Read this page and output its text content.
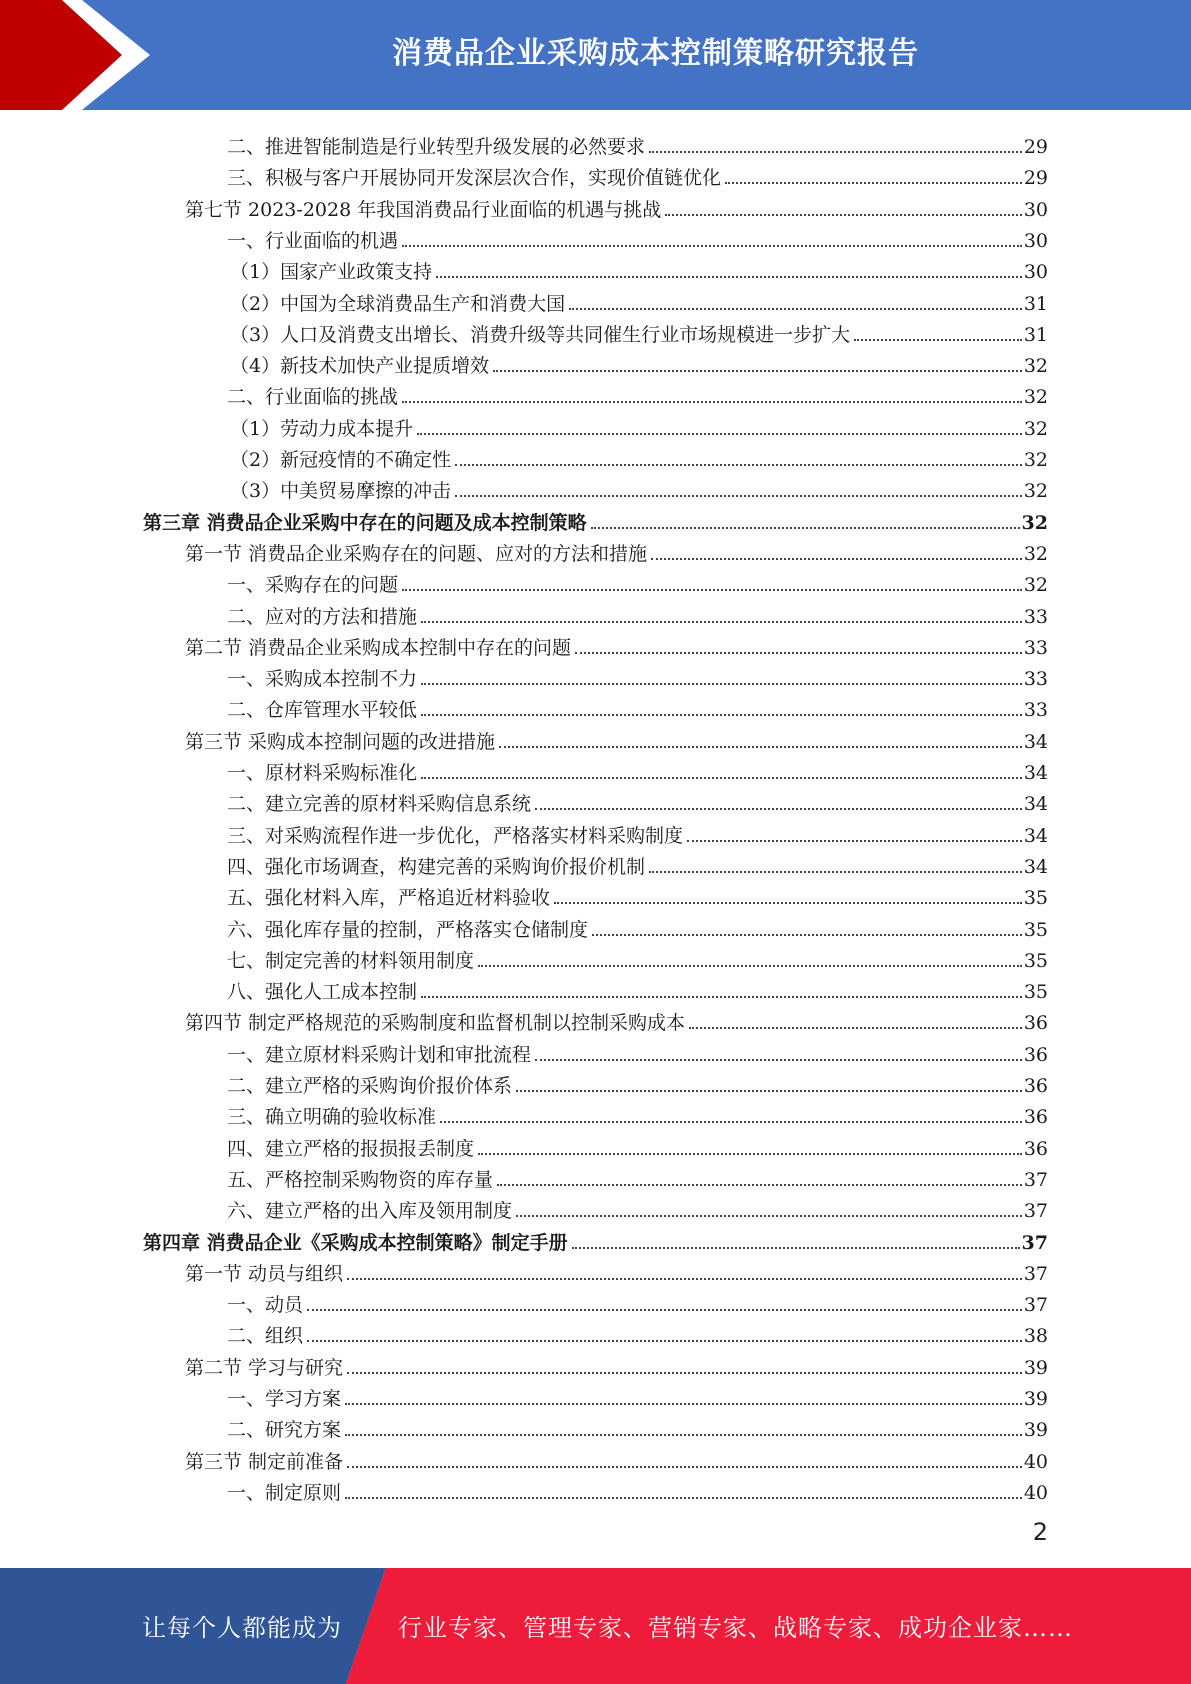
消费品企业采购成本控制策略研究报告
二、推进智能制造是行业转型升级发展的必然要求	29
三、积极与客户开展协同开发深层次合作，实现价值链优化	29
第七节 2023-2028 年我国消费品行业面临的机遇与挑战	30
一、行业面临的机遇	30
（1）国家产业政策支持	30
（2）中国为全球消费品生产和消费大国	31
（3）人口及消费支出增长、消费升级等共同催生行业市场规模进一步扩大	31
（4）新技术加快产业提质增效	32
二、行业面临的挑战	32
（1）劳动力成本提升	32
（2）新冠疫情的不确定性	32
（3）中美贸易摩擦的冲击	32
第三章 消费品企业采购中存在的问题及成本控制策略	32
第一节 消费品企业采购存在的问题、应对的方法和措施	32
一、采购存在的问题	32
二、应对的方法和措施	33
第二节 消费品企业采购成本控制中存在的问题	33
一、采购成本控制不力	33
二、仓库管理水平较低	33
第三节 采购成本控制问题的改进措施	34
一、原材料采购标准化	34
二、建立完善的原材料采购信息系统	34
三、对采购流程作进一步优化，严格落实材料采购制度	34
四、强化市场调查，构建完善的采购询价报价机制	34
五、强化材料入库，严格追近材料验收	35
六、强化库存量的控制，严格落实仓储制度	35
七、制定完善的材料领用制度	35
八、强化人工成本控制	35
第四节 制定严格规范的采购制度和监督机制以控制采购成本	36
一、建立原材料采购计划和审批流程	36
二、建立严格的采购询价报价体系	36
三、确立明确的验收标准	36
四、建立严格的报损报丢制度	36
五、严格控制采购物资的库存量	37
六、建立严格的出入库及领用制度	37
第四章 消费品企业《采购成本控制策略》制定手册	37
第一节 动员与组织	37
一、动员	37
二、组织	38
第二节 学习与研究	39
一、学习方案	39
二、研究方案	39
第三节 制定前准备	40
一、制定原则	40
2
让每个人都能成为 行业专家、管理专家、营销专家、战略专家、成功企业家……
